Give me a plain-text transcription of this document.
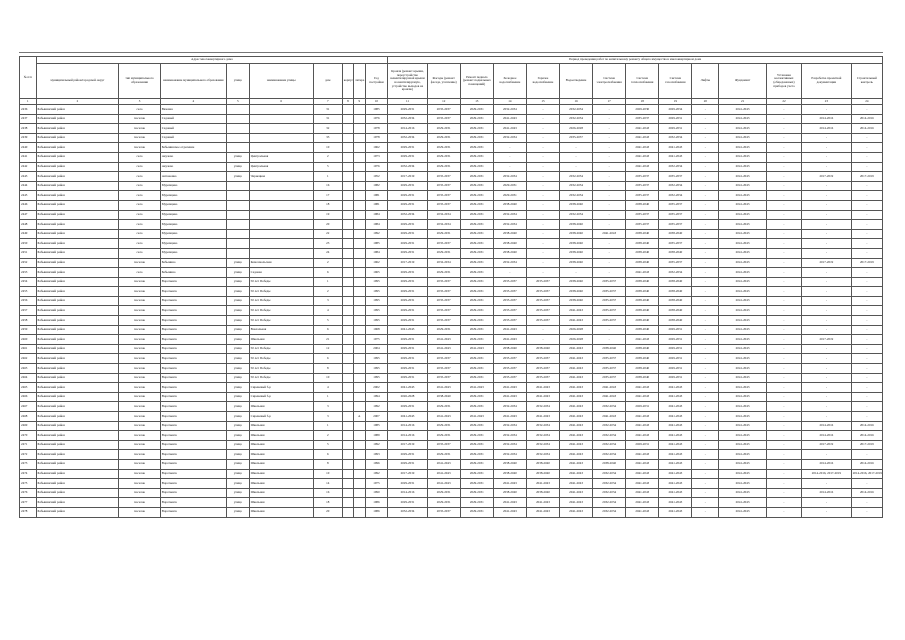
№ п/п	Адрес многоквартирного дома									Период проведения работ по капитальному ремонту общего имущества в многоквартирном доме													
	муниципальный район/городской округ	тип муниципального образования	наименование муниципального образования	улица	наименование улицы	дом	корпус	литера	Год постройки	Кровля (ремонт крыши, переустройство невентилируемой крыши на вентилируемую, устройство выходов на кровлю)	Фасады (ремонт фасада, утепление)	Ремонт подвала (ремонт подвальных помещений)	Холодное водоснабжение	Горячее водоснабжение	Водоотведение	Система электроснабжения	Система теплоснабжения	Система газоснабжения	Лифты	Фундамент	Установка коллективных (общедомовых) приборов учета	Разработка проектной документации	Строительный контроль
1	2	3	4	5	6	7	8	9	10	11	12	13	14	15	16	17	18	19	20	21	22	23	24
2436	Бабынинский район	село	Вязовна			31			1985	2029-2031	2035-2037	2029-2031	2032-2034	-	2032-2034	-	2029-2030	2029-2034	-	2041-2043	-	-	-
2437	Бабынинский район	поселок	Садовый			31			1976	2032-2034	2035-2037	2029-2031	2041-2043	-	2032-2034	-	2035-2037	2029-2031	-	2041-2043	-	2014-2016	2014-2016
2438	Бабынинский район	поселок	Садовый			32			1978	2014-2016	2029-2031	2029-2031	2041-2043	-	2026-2028	-	2041-2043	2029-2031	-	2041-2043	-	2014-2016	2014-2016
2439	Бабынинский район	поселок	Садовый			33			1978	2032-2034	2029-2031	2029-2031	2032-2034	-	2035-2037	-	2041-2043	2032-2034	-	2041-2043	-	-	-
2440	Бабынинский район	поселок	Бабынинское отделение			10			1962	2029-2031	2029-2031	2029-2031	-	-	-	-	2041-2043	2041-2043	-	2041-2043	-	-	-
2441	Бабынинский район	село	Акулово	улица	Центральная	2			1973	2029-2031	2029-2031	2029-2031	-	-	-	-	2041-2043	2041-2043	-	2041-2043	-	-	-
2442	Бабынинский район	село	Акулово	улица	Центральная	5			1976	2032-2034	2029-2031	2029-2031	-	-	-	-	2041-2043	2032-2034	-	2041-2043	-	-	-
2443	Бабынинский район	село	Антоновка	улица	Чернецкая	1			1952	2017-2019	2035-2037	2029-2031	2032-2034	-	2032-2034	-	2035-2037	2035-2037	-	2041-2043	-	2017-2019	2017-2019
2444	Бабынинский район	село	Муромцево			16			1982	2029-2031	2035-2037	2029-2031	2029-2031	-	2032-2034	-	2035-2037	2032-2034	-	2041-2043	-	-	-
2445	Бабынинский район	село	Муромцево			17			1981	2029-2031	2035-2037	2029-2031	2029-2031	-	2032-2034	-	2035-2037	2032-2034	-	2041-2043	-	-	-
2446	Бабынинский район	село	Муромцево			18			1981	2029-2031	2035-2037	2029-2031	2038-2040	-	2038-2040	-	2038-2040	2035-2037	-	2041-2043	-	-	-
2447	Бабынинский район	село	Муромцево			19			1984	2032-2034	2032-2034	2029-2031	2032-2034	-	2032-2034	-	2035-2037	2035-2037	-	2041-2043	-	-	-
2448	Бабынинский район	село	Муромцево			20			1984	2029-2031	2032-2034	2029-2031	2032-2034	-	2038-2040	-	2035-2037	2035-2037	-	2041-2043	-	-	-
2449	Бабынинский район	село	Муромцево			22			1992	2029-2031	2029-2031	2029-2031	2038-2040	-	2038-2040	2041-2043	2038-2040	2038-2040	-	2041-2043	-	-	-
2450	Бабынинский район	село	Муромцево			23			1985	2029-2031	2035-2037	2029-2031	2038-2040	-	2038-2040	-	2038-2040	2035-2037	-	2041-2043	-	-	-
2451	Бабынинский район	село	Муромцево			24			1984	2029-2031	2029-2031	2029-2031	2038-2040	-	2038-2040	-	2038-2040	2038-2040	-	2041-2043	-	-	-
2452	Бабынинский район	поселок	Бабынино	улица	Комсомольская	2			1962	2017-2019	2032-2034	2029-2031	2032-2034	-	2038-2040	-	2038-2040	2035-2037	-	2041-2043	-	2017-2019	2017-2019
2453	Бабынинский район	село	Бабынино	улица	Садовая	6			1965	2029-2031	2029-2031	2029-2031	-	-	-	-	2041-2043	2032-2034	-	2041-2043	-	-	-
2454	Бабынинский район	поселок	Воротынск	улица	50 лет Победы	1			1995	2029-2031	2035-2037	2029-2031	2035-2037	2035-2037	2038-2040	2035-2037	2038-2040	2038-2040	-	2041-2043	-	-	-
2455	Бабынинский район	поселок	Воротынск	улица	50 лет Победы	2			1995	2029-2031	2035-2037	2029-2031	2035-2037	2035-2037	2038-2040	2035-2037	2038-2040	2038-2040	-	2041-2043	-	-	-
2456	Бабынинский район	поселок	Воротынск	улица	50 лет Победы	3			1995	2029-2031	2035-2037	2029-2031	2035-2037	2035-2037	2038-2040	2035-2037	2038-2040	2038-2040	-	2041-2043	-	-	-
2457	Бабынинский район	поселок	Воротынск	улица	50 лет Победы	4			1995	2029-2031	2035-2037	2029-2031	2035-2037	2035-2037	2041-2043	2035-2037	2038-2040	2038-2040	-	2041-2043	-	-	-
2458	Бабынинский район	поселок	Воротынск	улица	50 лет Победы	5			1995	2029-2031	2035-2037	2029-2031	2035-2037	2035-2037	2041-2043	2035-2037	2038-2040	2038-2040	-	2041-2043	-	-	-
2459	Бабынинский район	поселок	Воротынск	улица	Вокзальная	6			1968	2041-2043	2029-2031	2029-2031	2041-2043	-	2026-2028	-	2038-2040	2029-2031	-	2041-2043	-	-	-
2460	Бабынинский район	поселок	Воротынск	улица	Школьная	21			1975	2029-2031	2041-2043	2029-2031	2041-2043	-	2026-2028	-	2041-2043	2029-2031	-	2041-2043	-	2017-2019	-
2461	Бабынинский район	поселок	Воротынск	улица	50 лет Победы	12			2004	2029-2031	2041-2043	2041-2043	2038-2040	2038-2040	2041-2043	2038-2040	2038-2040	2029-2031	-	2041-2043	-	-	-
2462	Бабынинский район	поселок	Воротынск	улица	50 лет Победы	6			1995	2029-2031	2035-2037	2029-2031	2035-2037	2035-2037	2041-2043	2035-2037	2038-2040	2029-2031	-	2041-2043	-	-	-
2463	Бабынинский район	поселок	Воротынск	улица	50 лет Победы	8			1995	2029-2031	2035-2037	2029-2031	2035-2037	2035-2037	2041-2043	2035-2037	2038-2040	2029-2031	-	2041-2043	-	-	-
2464	Бабынинский район	поселок	Воротынск	улица	50 лет Победы	10			1995	2029-2031	2035-2037	2029-2031	2035-2037	2035-2037	2041-2043	2035-2037	2038-2040	2029-2031	-	2041-2043	-	-	-
2465	Бабынинский район	поселок	Воротынск	улица	Сиреневый б-р	4			2002	2041-2043	2041-2043	2041-2043	2041-2043	2041-2043	2041-2043	2041-2043	2041-2043	2041-2043	-	2041-2043	-	-	-
2466	Бабынинский район	поселок	Воротынск	улица	Сиреневый б-р	1			1994	2026-2028	2038-2040	2029-2031	2041-2043	2041-2043	2041-2043	2041-2043	2041-2043	2041-2043	-	2041-2043	-	-	-
2467	Бабынинский район	поселок	Воротынск	улица	Школьная	3			1992	2029-2031	2029-2031	2029-2031	2032-2034	2032-2034	2041-2043	2032-2034	2029-2031	2041-2043	-	2041-2043	-	-	-
2468	Бабынинский район	поселок	Воротынск	улица	Сиреневый б-р	3		А	2007	2041-2043	2041-2043	2041-2043	2041-2043	2041-2043	2041-2043	2041-2043	2041-2043	2041-2043	-	2041-2043	-	-	-
2469	Бабынинский район	поселок	Воротынск	улица	Школьная	1			1985	2014-2016	2029-2031	2029-2031	2032-2034	2032-2034	2041-2043	2032-2034	2041-2043	2041-2043	-	2041-2043	-	2014-2016	2014-2016
2470	Бабынинский район	поселок	Воротынск	улица	Школьная	2			1989	2014-2016	2029-2031	2029-2031	2032-2034	2032-2034	2041-2043	2032-2034	2041-2043	2041-2043	-	2041-2043	-	2014-2016	2014-2016
2471	Бабынинский район	поселок	Воротынск	улица	Школьная	5			1992	2017-2019	2035-2037	2029-2031	2032-2034	2032-2034	2041-2043	2032-2034	2029-2031	2041-2043	-	2041-2043	-	2017-2019	2017-2019
2472	Бабынинский район	поселок	Воротынск	улица	Школьная	6			1993	2029-2031	2029-2031	2029-2031	2032-2034	2032-2034	2041-2043	2032-2034	2041-2043	2041-2043	-	2041-2043	-	-	-
2473	Бабынинский район	поселок	Воротынск	улица	Школьная	8			1996	2029-2031	2041-2043	2029-2031	2038-2040	2038-2040	2041-2043	2038-2040	2041-2043	2041-2043	-	2041-2043	-	2014-2016	2014-2016
2474	Бабынинский район	поселок	Воротынск	улица	Школьная	10			1992	2017-2019	2041-2043	2029-2031	2038-2040	2038-2040	2041-2043	2032-2034	2041-2043	2041-2043	-	2041-2043	-	2014-2016, 2017-2019	2014-2016, 2017-2019
2475	Бабынинский район	поселок	Воротынск	улица	Школьная	14			1975	2029-2031	2041-2043	2029-2031	2041-2043	2041-2043	2041-2043	2032-2034	2041-2043	2041-2043	-	2041-2043	-	-	-
2476	Бабынинский район	поселок	Воротынск	улица	Школьная	16			1990	2014-2016	2029-2031	2029-2031	2038-2040	2038-2040	2041-2043	2032-2034	2041-2043	2041-2043	-	2041-2043	-	2014-2016	2014-2016
2477	Бабынинский район	поселок	Воротынск	улица	Школьная	18			1986	2029-2031	2029-2031	2029-2031	2041-2043	2041-2043	2041-2043	2032-2034	2041-2043	2041-2043	-	2041-2043	-	-	-
2478	Бабынинский район	поселок	Воротынск	улица	Школьная	20			1986	2032-2034	2035-2037	2029-2031	2041-2043	2041-2043	2041-2043	2032-2034	2041-2043	2041-2043	-	2041-2043	-	-	-
